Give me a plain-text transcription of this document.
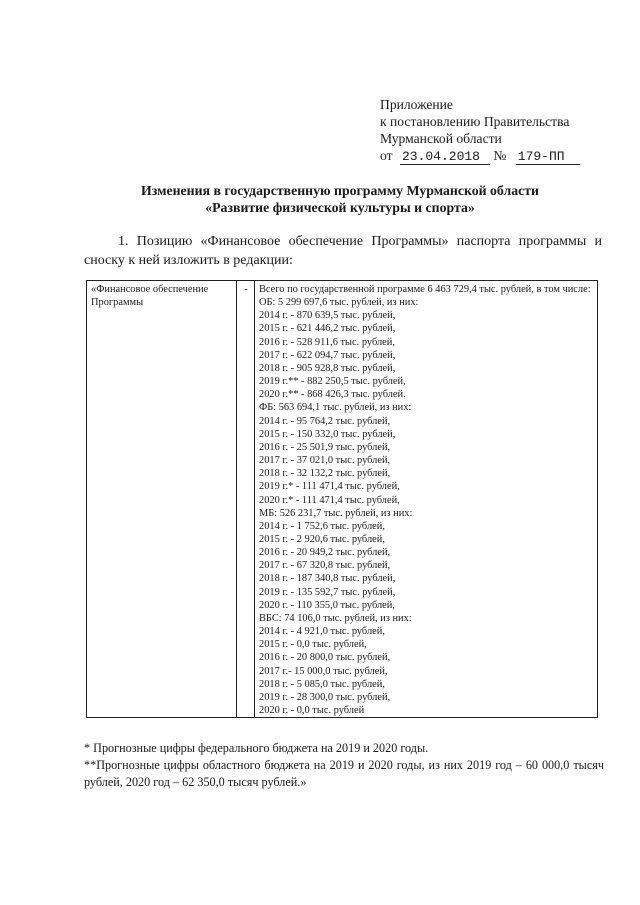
Приложение
к постановлению Правительства
Мурманской области
от 23.04.2018 № 179-ПП
Изменения в государственную программу Мурманской области
«Развитие физической культуры и спорта»
1. Позицию «Финансовое обеспечение Программы» паспорта программы и сноску к ней изложить в редакции:
«Финансовое обеспечение Программы	-	Всего по государственной программе 6 463 729,4 тыс. рублей, в том числе:
ОБ: 5 299 697,6 тыс. рублей, из них:
2014 г. - 870 639,5 тыс. рублей,
2015 г. - 621 446,2 тыс. рублей,
2016 г. - 528 911,6 тыс. рублей,
2017 г. - 622 094,7 тыс. рублей,
2018 г. - 905 928,8 тыс. рублей,
2019 г.** - 882 250,5 тыс. рублей,
2020 г.** - 868 426,3 тыс. рублей.
ФБ: 563 694,1 тыс. рублей, из них:
2014 г. - 95 764,2 тыс. рублей,
2015 г. - 150 332,0 тыс. рублей,
2016 г. - 25 501,9 тыс. рублей,
2017 г. - 37 021,0 тыс. рублей,
2018 г. - 32 132,2 тыс. рублей,
2019 г.* - 111 471,4 тыс. рублей,
2020 г.* - 111 471,4 тыс. рублей,
МБ: 526 231,7 тыс. рублей, из них:
2014 г. - 1 752,6 тыс. рублей,
2015 г. - 2 920,6 тыс. рублей,
2016 г. - 20 949,2 тыс. рублей,
2017 г. - 67 320,8 тыс. рублей,
2018 г. - 187 340,8 тыс. рублей,
2019 г. - 135 592,7 тыс. рублей,
2020 г. - 110 355,0 тыс. рублей,
ВБС: 74 106,0 тыс. рублей, из них:
2014 г. - 4 921,0 тыс. рублей,
2015 г. - 0,0 тыс. рублей,
2016 г. - 20 800,0 тыс. рублей,
2017 г.- 15 000,0 тыс. рублей,
2018 г. - 5 085,0 тыс. рублей,
2019 г. - 28 300,0 тыс. рублей,
2020 г. - 0,0 тыс. рублей
* Прогнозные цифры федерального бюджета на 2019 и 2020 годы.
**Прогнозные цифры областного бюджета на 2019 и 2020 годы, из них 2019 год – 60 000,0 тысяч рублей, 2020 год – 62 350,0 тысяч рублей.»
